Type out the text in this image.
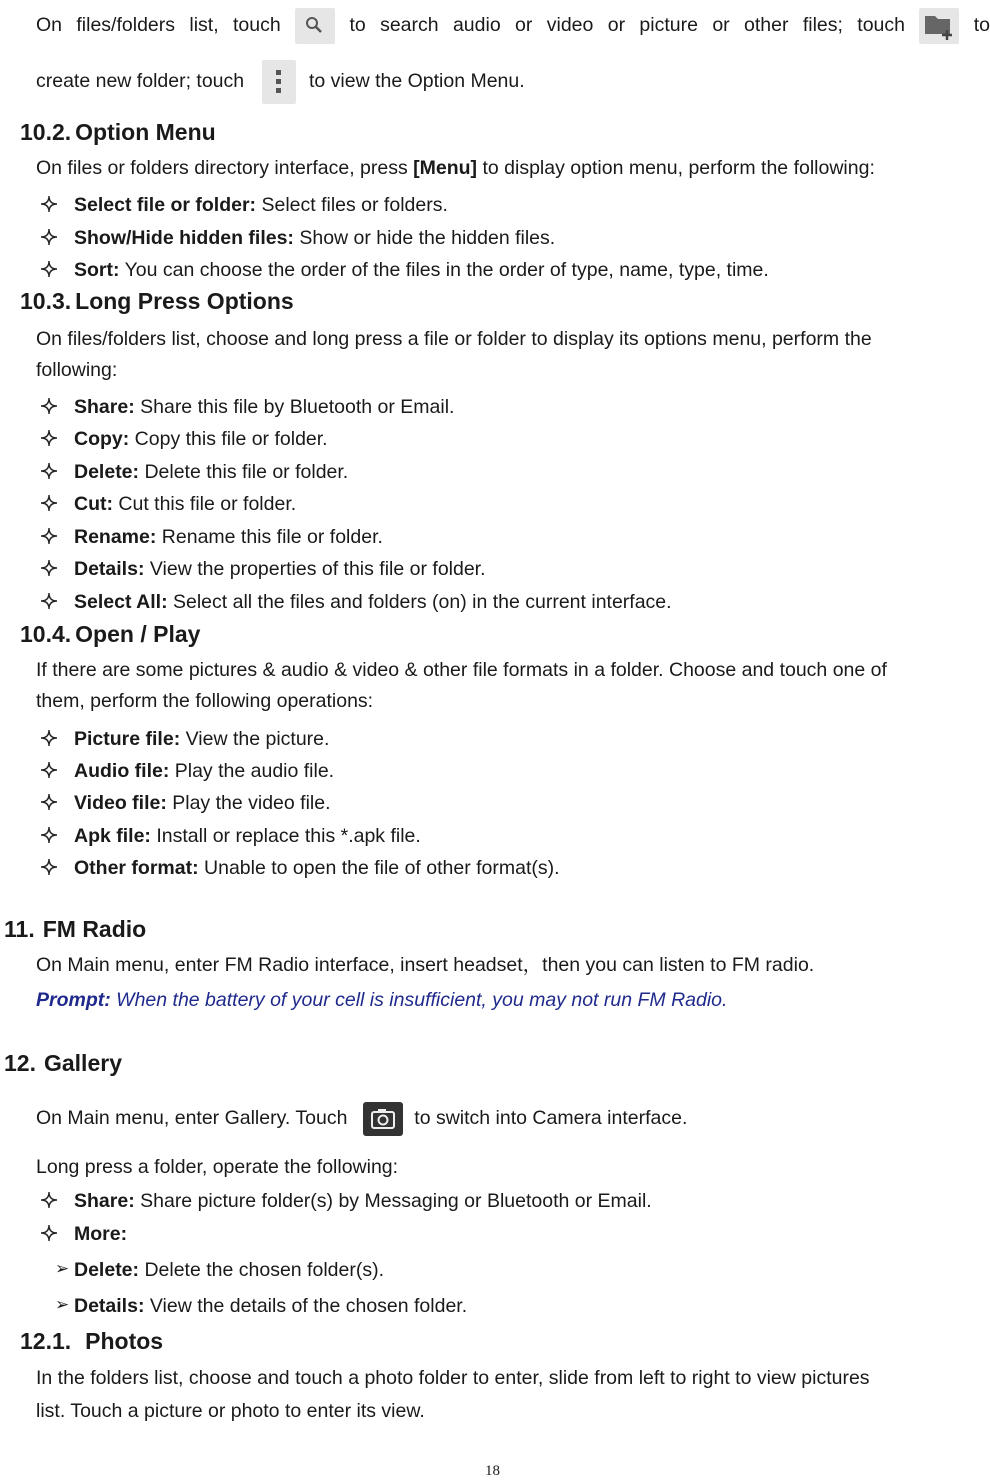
On files/folders list, touch	to search audio or video or picture or other files; touch	to
create new folder; touch	to view the Option Menu.
10.2. Option Menu
On files or folders directory interface, press [Menu] to display option menu, perform the following:
Select file or folder: Select files or folders.
Show/Hide hidden files: Show or hide the hidden files.
Sort: You can choose the order of the files in the order of type, name, type, time.
10.3. Long Press Options
On files/folders list, choose and long press a file or folder to display its options menu, perform the
following:
Share: Share this file by Bluetooth or Email.
Copy: Copy this file or folder.
Delete: Delete this file or folder.
Cut: Cut this file or folder.
Rename: Rename this file or folder.
Details: View the properties of this file or folder.
Select All: Select all the files and folders (on) in the current interface.
10.4. Open / Play
If there are some pictures & audio & video & other file formats in a folder. Choose and touch one of
them, perform the following operations:
Picture file: View the picture.
Audio file: Play the audio file.
Video file: Play the video file.
Apk file: Install or replace this *.apk file.
Other format: Unable to open the file of other format(s).
11. FM Radio
On Main menu, enter FM Radio interface, insert headset，then you can listen to FM radio.
Prompt: When the battery of your cell is insufficient, you may not run FM Radio.
12. Gallery
On Main menu, enter Gallery. Touch	to switch into Camera interface.
Long press a folder, operate the following:
Share: Share picture folder(s) by Messaging or Bluetooth or Email.
More:
➢ Delete: Delete the chosen folder(s).
➢ Details: View the details of the chosen folder.
12.1. Photos
In the folders list, choose and touch a photo folder to enter, slide from left to right to view pictures
list. Touch a picture or photo to enter its view.
18
